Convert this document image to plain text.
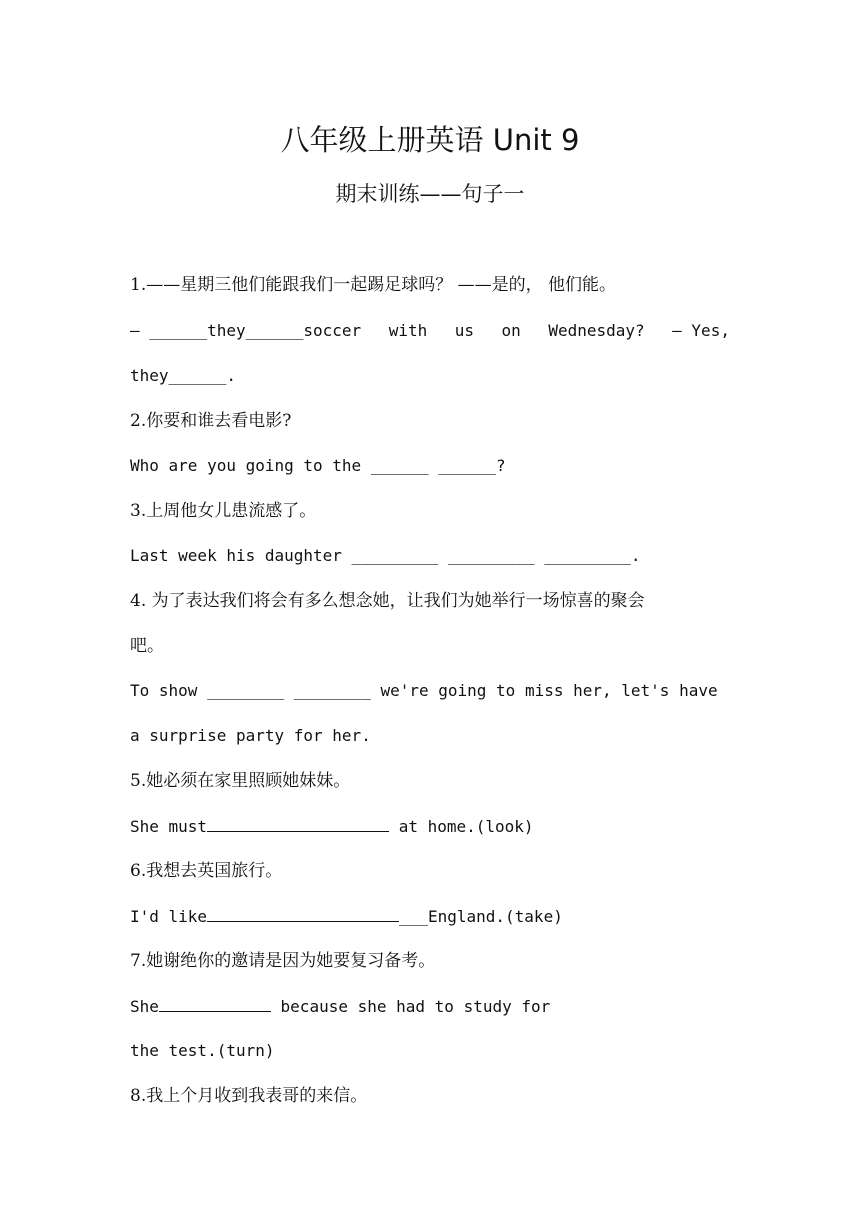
八年级上册英语 Unit 9
期末训练——句子一
1.——星期三他们能跟我们一起踢足球吗？ ——是的， 他们能。
— ______they______soccer with us on Wednesday? — Yes,
they______.
2.你要和谁去看电影?
Who are you going to the ______ ______?
3.上周他女儿患流感了。
Last week his daughter _________ _________ _________.
4. 为了表达我们将会有多么想念她，让我们为她举行一场惊喜的聚会
吧。
To show ________ ________ we're going to miss her, let's have
a surprise party for her.
5.她必须在家里照顾她妹妹。
She must	at home.(look)
6.我想去英国旅行。
I'd like	___England.(take)
7.她谢绝你的邀请是因为她要复习备考。
She	because she had to study for
the test.(turn)
8.我上个月收到我表哥的来信。
